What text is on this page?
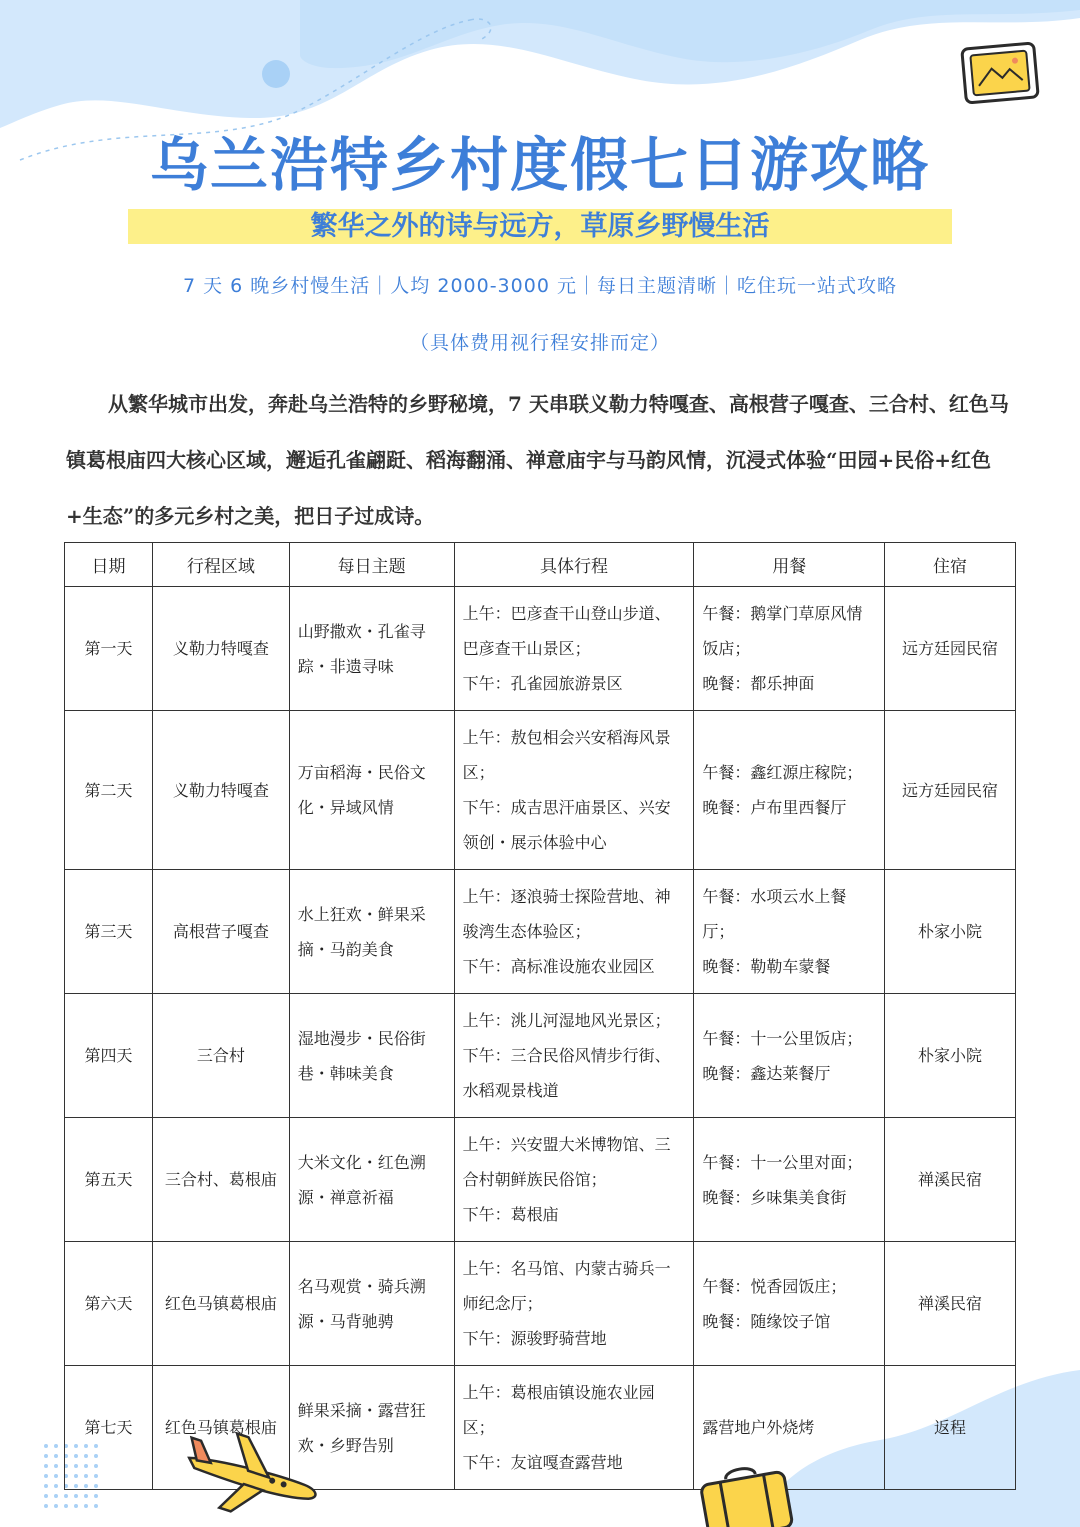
乌兰浩特乡村度假七日游攻略
繁华之外的诗与远方，草原乡野慢生活
7 天 6 晚乡村慢生活｜人均 2000-3000 元｜每日主题清晰｜吃住玩一站式攻略
（具体费用视行程安排而定）
从繁华城市出发，奔赴乌兰浩特的乡野秘境，7 天串联义勒力特嘎查、高根营子嘎查、三合村、红色马镇葛根庙四大核心区域，邂逅孔雀翩跹、稻海翻涌、禅意庙宇与马韵风情，沉浸式体验“田园+民俗+红色+生态”的多元乡村之美，把日子过成诗。
日期	行程区域	每日主题	具体行程	用餐	住宿
第一天	义勒力特嘎查	山野撒欢・孔雀寻踪・非遗寻味	上午：巴彦查干山登山步道、巴彦查干山景区；
下午：孔雀园旅游景区	午餐：鹅掌门草原风情饭店；
晚餐：都乐抻面	远方廷园民宿
第二天	义勒力特嘎查	万亩稻海・民俗文化・异域风情	上午：敖包相会兴安稻海风景区；
下午：成吉思汗庙景区、兴安领创・展示体验中心	午餐：鑫红源庄稼院；
晚餐：卢布里西餐厅	远方廷园民宿
第三天	高根营子嘎查	水上狂欢・鲜果采摘・马韵美食	上午：逐浪骑士探险营地、神骏湾生态体验区；
下午：高标准设施农业园区	午餐：水项云水上餐厅；
晚餐：勒勒车蒙餐	朴家小院
第四天	三合村	湿地漫步・民俗街巷・韩味美食	上午：洮儿河湿地风光景区；
下午：三合民俗风情步行街、水稻观景栈道	午餐：十一公里饭店；
晚餐：鑫达莱餐厅	朴家小院
第五天	三合村、葛根庙	大米文化・红色溯源・禅意祈福	上午：兴安盟大米博物馆、三合村朝鲜族民俗馆；
下午：葛根庙	午餐：十一公里对面；
晚餐：乡味集美食街	禅溪民宿
第六天	红色马镇葛根庙	名马观赏・骑兵溯源・马背驰骋	上午：名马馆、内蒙古骑兵一师纪念厅；
下午：源骏野骑营地	午餐：悦香园饭庄；
晚餐：随缘饺子馆	禅溪民宿
第七天	红色马镇葛根庙	鲜果采摘・露营狂欢・乡野告别	上午：葛根庙镇设施农业园区；
下午：友谊嘎查露营地	露营地户外烧烤	返程
